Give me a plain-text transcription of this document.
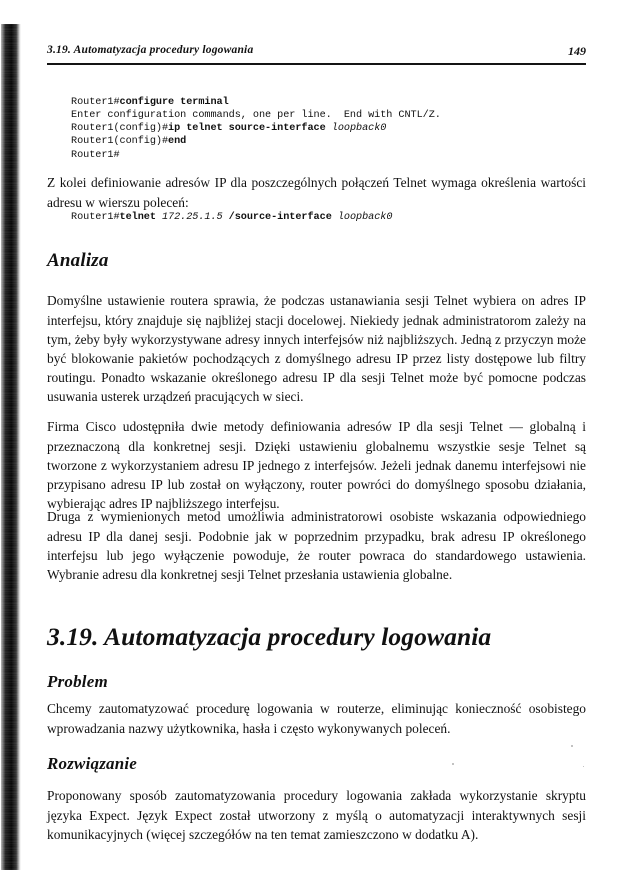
3.19. Automatyzacja procedury logowania	149
Router1#configure terminal
Enter configuration commands, one per line.  End with CNTL/Z.
Router1(config)#ip telnet source-interface loopback0
Router1(config)#end
Router1#

Z kolei definiowanie adresów IP dla poszczególnych połączeń Telnet wymaga określenia wartości adresu w wierszu poleceń:

Router1#telnet 172.25.1.5 /source-interface loopback0
Analiza

Domyślne ustawienie routera sprawia, że podczas ustanawiania sesji Telnet wybiera on adres IP interfejsu, który znajduje się najbliżej stacji docelowej. Niekiedy jednak administratorom zależy na tym, żeby były wykorzystywane adresy innych interfejsów niż najbliższych. Jedną z przyczyn może być blokowanie pakietów pochodzących z domyślnego adresu IP przez listy dostępowe lub filtry routingu. Ponadto wskazanie określonego adresu IP dla sesji Telnet może być pomocne podczas usuwania usterek urządzeń pracujących w sieci.

Firma Cisco udostępniła dwie metody definiowania adresów IP dla sesji Telnet — globalną i przeznaczoną dla konkretnej sesji. Dzięki ustawieniu globalnemu wszystkie sesje Telnet są tworzone z wykorzystaniem adresu IP jednego z interfejsów. Jeżeli jednak danemu interfejsowi nie przypisano adresu IP lub został on wyłączony, router powróci do domyślnego sposobu działania, wybierając adres IP najbliższego interfejsu.

Druga z wymienionych metod umożliwia administratorowi osobiste wskazania odpowiedniego adresu IP dla danej sesji. Podobnie jak w poprzednim przypadku, brak adresu IP określonego interfejsu lub jego wyłączenie powoduje, że router powraca do standardowego ustawienia. Wybranie adresu dla konkretnej sesji Telnet przesłania ustawienia globalne.

3.19. Automatyzacja procedury logowania
Problem

Chcemy zautomatyzować procedurę logowania w routerze, eliminując konieczność osobistego wprowadzania nazwy użytkownika, hasła i często wykonywanych poleceń.

Rozwiązanie

Proponowany sposób zautomatyzowania procedury logowania zakłada wykorzystanie skryptu języka Expect. Język Expect został utworzony z myślą o automatyzacji interaktywnych sesji komunikacyjnych (więcej szczegółów na ten temat zamieszczono w dodatku A).
